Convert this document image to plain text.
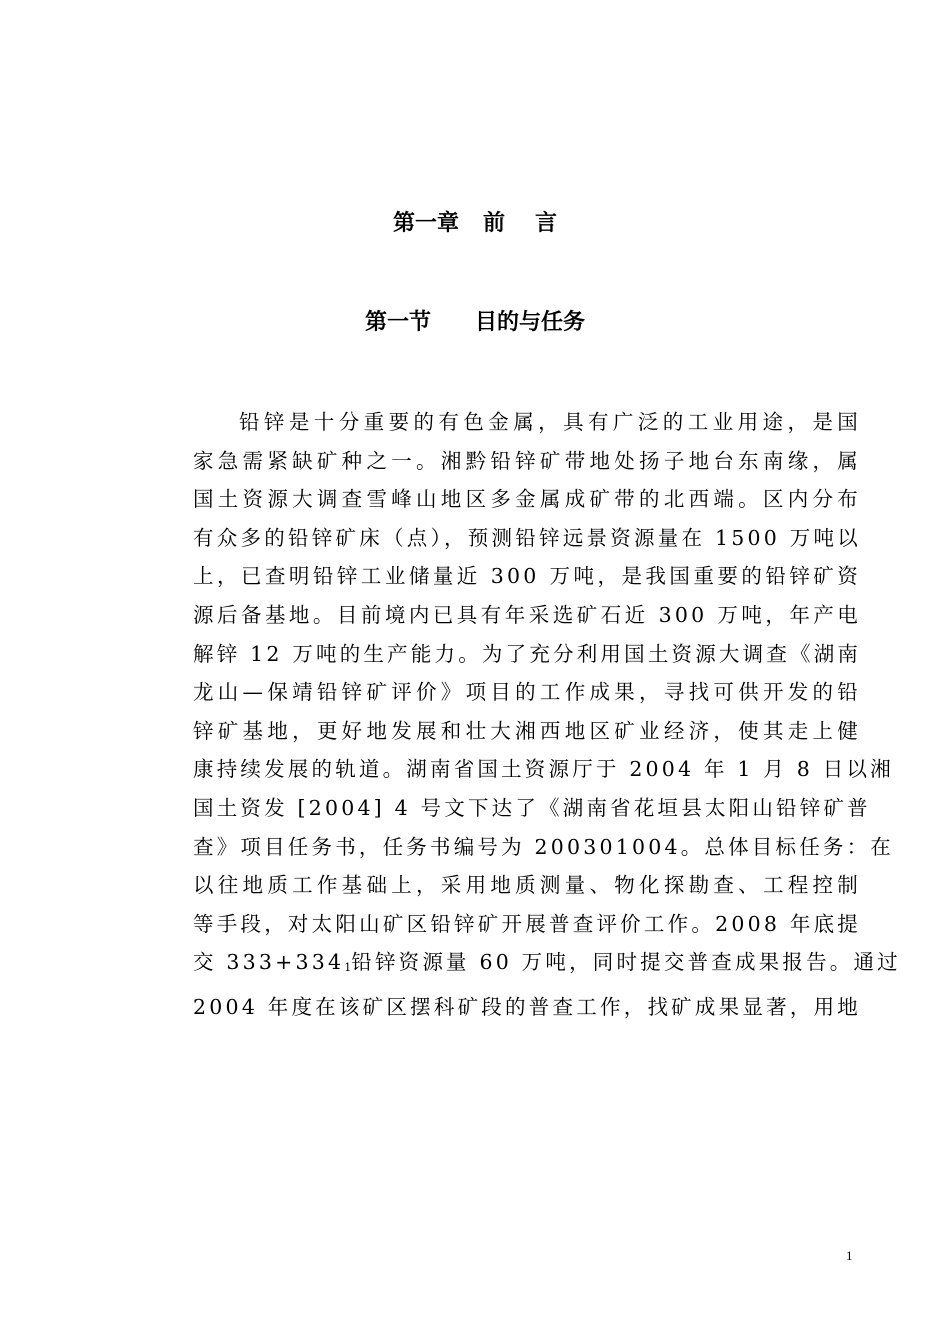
第一章 前 言
第一节 目的与任务
铅锌是十分重要的有色金属，具有广泛的工业用途，是国
家急需紧缺矿种之一。湘黔铅锌矿带地处扬子地台东南缘，属
国土资源大调查雪峰山地区多金属成矿带的北西端。区内分布
有众多的铅锌矿床（点），预测铅锌远景资源量在 1500 万吨以
上，已查明铅锌工业储量近 300 万吨，是我国重要的铅锌矿资
源后备基地。目前境内已具有年采选矿石近 300 万吨，年产电
解锌 12 万吨的生产能力。为了充分利用国土资源大调查《湖南
龙山—保靖铅锌矿评价》项目的工作成果，寻找可供开发的铅
锌矿基地，更好地发展和壮大湘西地区矿业经济，使其走上健
康持续发展的轨道。湖南省国土资源厅于 2004 年 1 月 8 日以湘
国土资发 [2004] 4 号文下达了《湖南省花垣县太阳山铅锌矿普
查》项目任务书，任务书编号为 200301004。总体目标任务：在
以往地质工作基础上，采用地质测量、物化探勘查、工程控制
等手段，对太阳山矿区铅锌矿开展普查评价工作。2008 年底提
交 $333+334_1$铅锌资源量 60 万吨，同时提交普查成果报告。通过
2004 年度在该矿区摆科矿段的普查工作，找矿成果显著，用地
1
